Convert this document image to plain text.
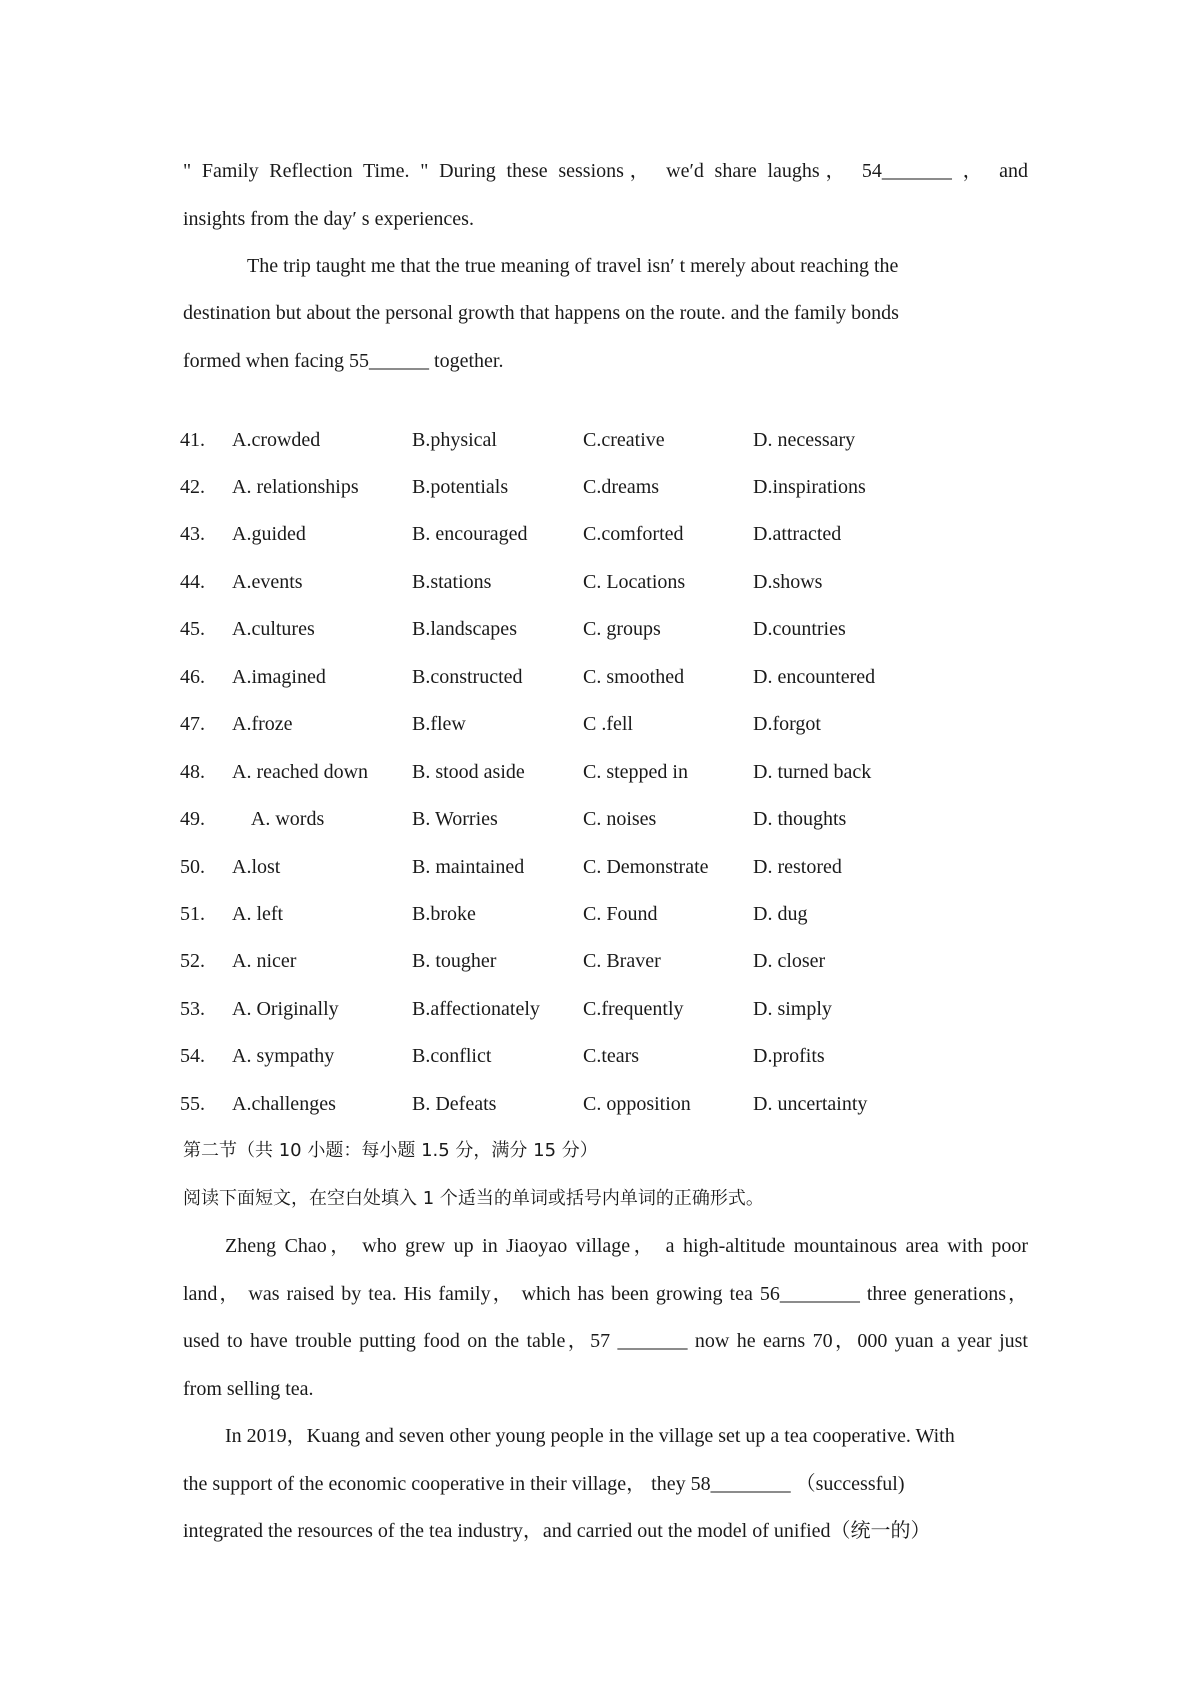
" Family Reflection Time. " During these sessions， we′d share laughs， 54_______ ， and
insights from the day′ s experiences.
The trip taught me that the true meaning of travel isn′ t merely about reaching the
destination but about the personal growth that happens on the route. and the family bonds
formed when facing 55______ together.
41. A.crowded	B.physical	C.creative	D. necessary
42. A. relationships	B.potentials	C.dreams	D.inspirations
43. A.guided	B. encouraged	C.comforted	D.attracted
44. A.events	B.stations	C. Locations	D.shows
45. A.cultures	B.landscapes	C. groups	D.countries
46. A.imagined	B.constructed	C. smoothed	D. encountered
47. A.froze	B.flew	C .fell	D.forgot
48. A. reached down B. stood aside	C. stepped in	D. turned back
49. A. words	B. Worries	C. noises	D. thoughts
50. A.lost	B. maintained	C. Demonstrate D. restored
51. A. left	B.broke	C. Found	D. dug
52. A. nicer	B. tougher	C. Braver	D. closer
53. A. Originally	B.affectionately C.frequently	D. simply
54. A. sympathy	B.conflict	C.tears	D.profits
55. A.challenges	B. Defeats	C. opposition	D. uncertainty
第二节（共 10 小题：每小题 1.5 分，满分 15 分）
阅读下面短文，在空白处填入 1 个适当的单词或括号内单词的正确形式。
Zheng Chao， who grew up in Jiaoyao village， a high-altitude mountainous area with poor
land， was raised by tea. His family， which has been growing tea 56________ three generations，
used to have trouble putting food on the table，57 _______ now he earns 70，000 yuan a year just
from selling tea.
In 2019，Kuang and seven other young people in the village set up a tea cooperative. With
the support of the economic cooperative in their village， they 58________ （successful)
integrated the resources of the tea industry，and carried out the model of unified（统一的）
